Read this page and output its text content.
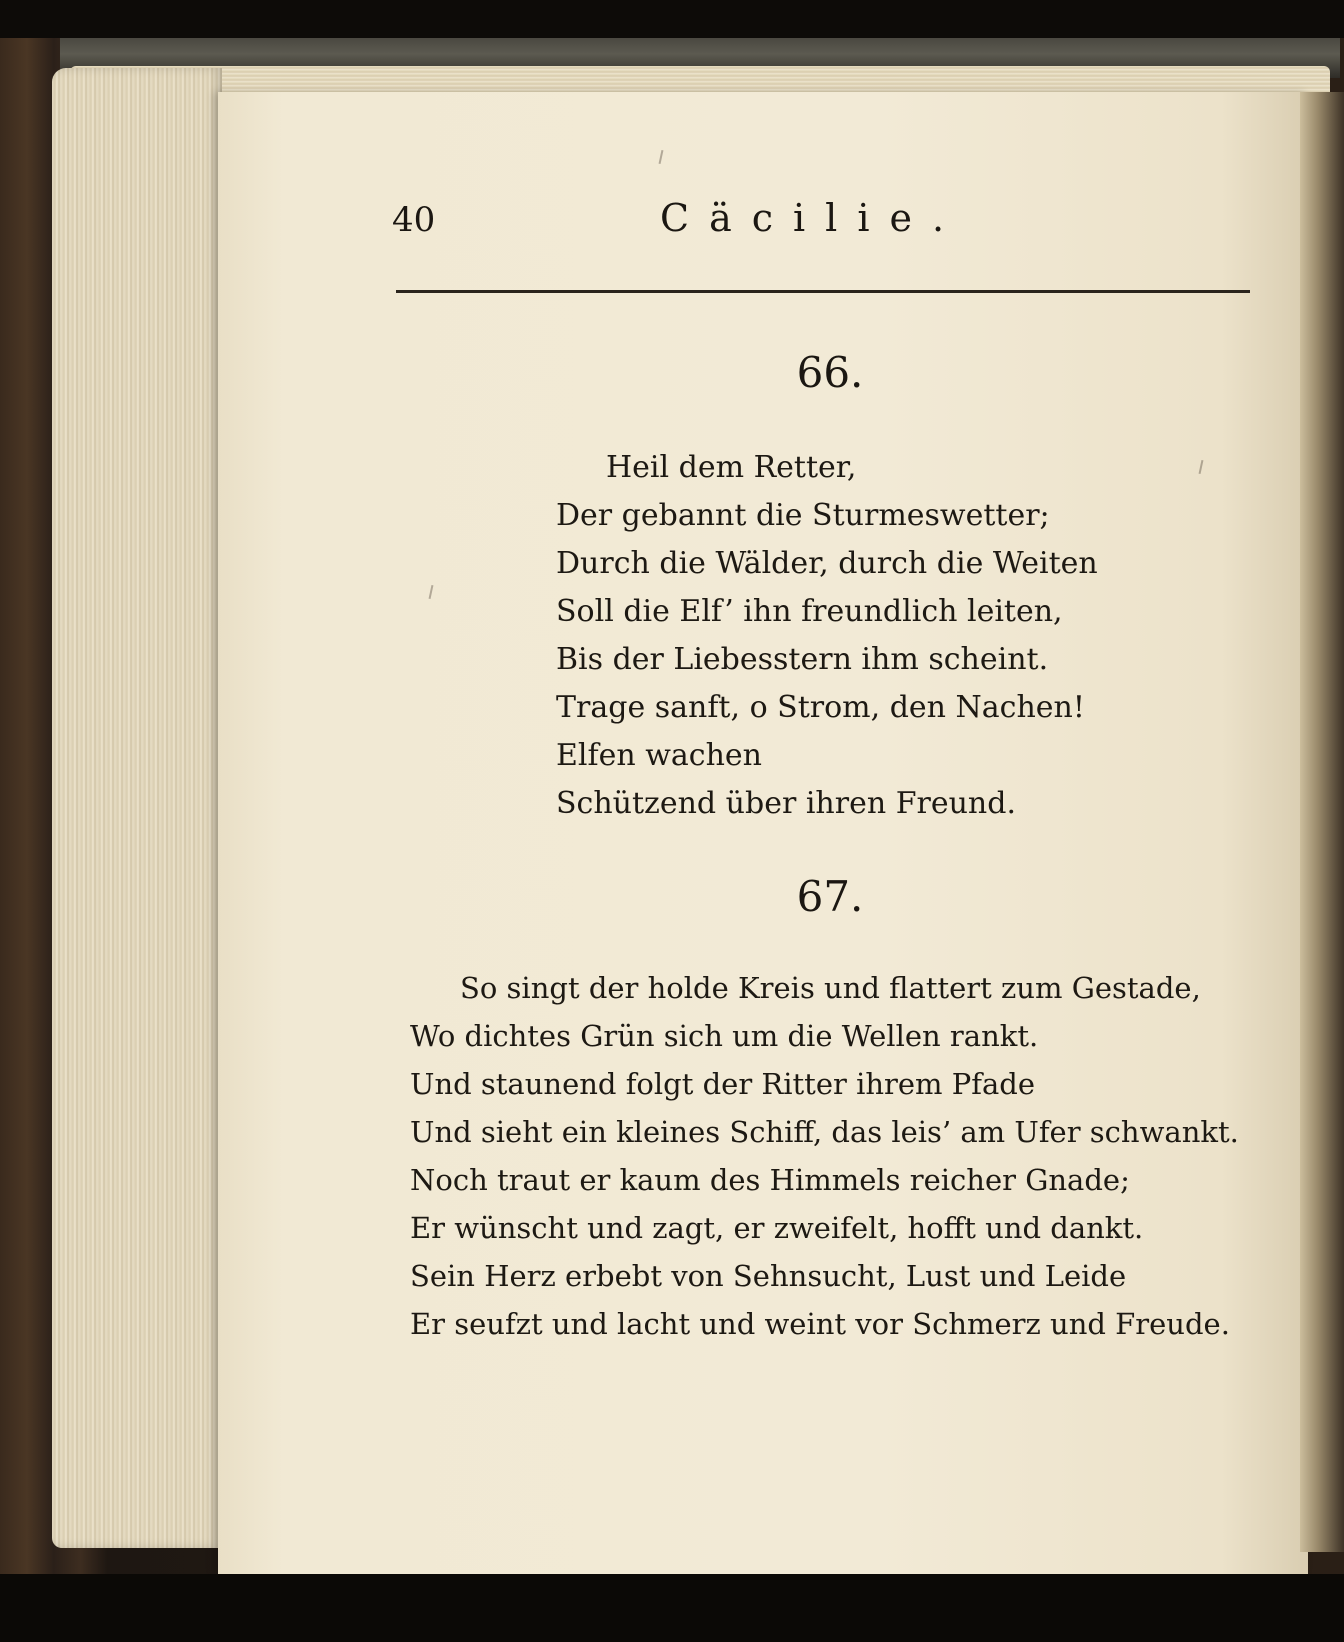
40	Cäcilie.
66.
Heil dem Retter,
Der gebannt die Sturmeswetter;
Durch die Wälder, durch die Weiten
Soll die Elf’ ihn freundlich leiten,
Bis der Liebesstern ihm scheint.
Trage sanft, o Strom, den Nachen!
Elfen wachen
Schützend über ihren Freund.
67.
So singt der holde Kreis und flattert zum Gestade,
Wo dichtes Grün sich um die Wellen rankt.
Und staunend folgt der Ritter ihrem Pfade
Und sieht ein kleines Schiff, das leis’ am Ufer schwankt.
Noch traut er kaum des Himmels reicher Gnade;
Er wünscht und zagt, er zweifelt, hofft und dankt.
Sein Herz erbebt von Sehnsucht, Lust und Leide
Er seufzt und lacht und weint vor Schmerz und Freude.
